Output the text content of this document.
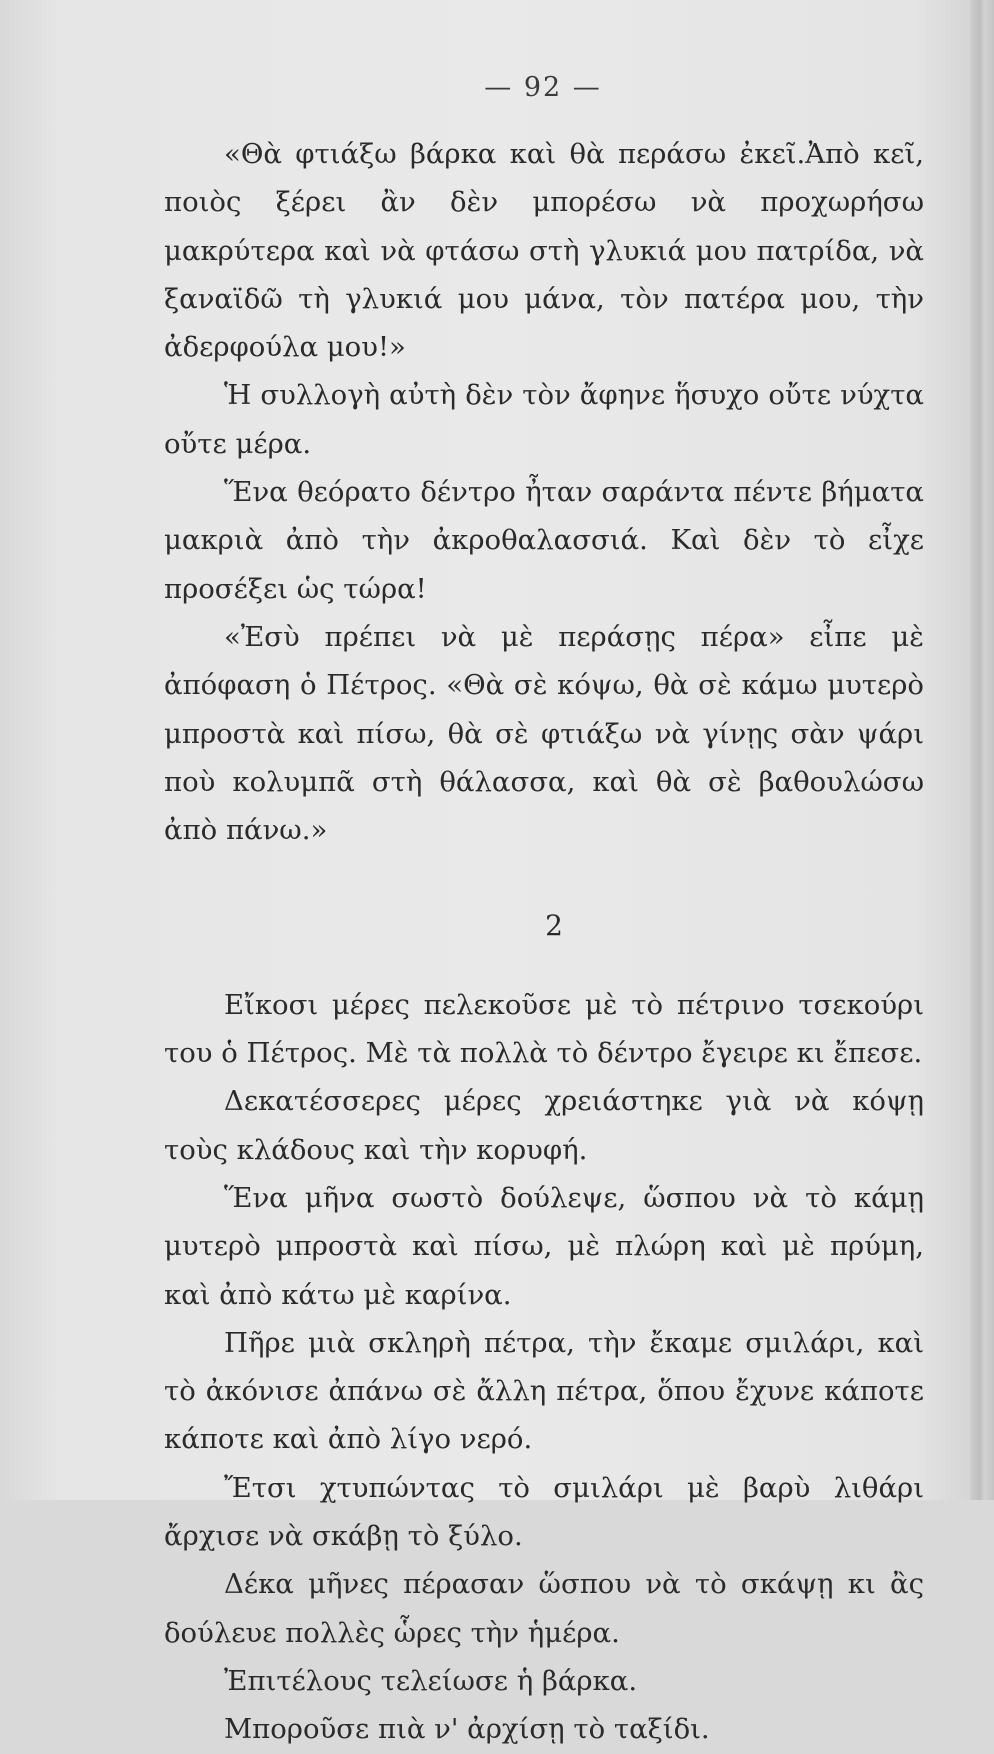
— 92 —

«Θὰ φτιάξω βάρκα καὶ θὰ περάσω ἐκεῖ.Ἀπὸ κεῖ, ποιὸς ξέρει ἂν δὲν μπορέσω νὰ προχωρήσω μακρύτερα καὶ νὰ φτάσω στὴ γλυκιά μου πατρίδα, νὰ ξαναϊδῶ τὴ γλυκιά μου μάνα, τὸν πατέρα μου, τὴν ἀδερφούλα μου!»

Ἡ συλλογὴ αὐτὴ δὲν τὸν ἄφηνε ἥσυχο οὔτε νύχτα οὔτε μέρα.

Ἕνα θεόρατο δέντρο ἦταν σαράντα πέντε βήματα μακριὰ ἀπὸ τὴν ἀκροθαλασσιά. Καὶ δὲν τὸ εἶχε προσέξει ὡς τώρα!

«Ἐσὺ πρέπει νὰ μὲ περάσῃς πέρα» εἶπε μὲ ἀπόφαση ὁ Πέτρος. «Θὰ σὲ κόψω, θὰ σὲ κάμω μυτερὸ μπροστὰ καὶ πίσω, θὰ σὲ φτιάξω νὰ γίνῃς σὰν ψάρι ποὺ κολυμπᾶ στὴ θάλασσα, καὶ θὰ σὲ βαθουλώσω ἀπὸ πάνω.»

2

Εἴκοσι μέρες πελεκοῦσε μὲ τὸ πέτρινο τσεκούρι του ὁ Πέτρος. Μὲ τὰ πολλὰ τὸ δέντρο ἔγειρε κι ἔπεσε.

Δεκατέσσερες μέρες χρειάστηκε γιὰ νὰ κόψῃ τοὺς κλάδους καὶ τὴν κορυφή.

Ἕνα μῆνα σωστὸ δούλεψε, ὥσπου νὰ τὸ κάμῃ μυτερὸ μπροστὰ καὶ πίσω, μὲ πλώρη καὶ μὲ πρύμη, καὶ ἀπὸ κάτω μὲ καρίνα.

Πῆρε μιὰ σκληρὴ πέτρα, τὴν ἔκαμε σμιλάρι, καὶ τὸ ἀκόνισε ἀπάνω σὲ ἄλλη πέτρα, ὅπου ἔχυνε κάποτε κάποτε καὶ ἀπὸ λίγο νερό.

Ἔτσι χτυπώντας τὸ σμιλάρι μὲ βαρὺ λιθάρι ἄρχισε νὰ σκάβῃ τὸ ξύλο.

Δέκα μῆνες πέρασαν ὥσπου νὰ τὸ σκάψῃ κι ἂς δούλευε πολλὲς ὧρες τὴν ἡμέρα.

Ἐπιτέλους τελείωσε ἡ βάρκα.

Μποροῦσε πιὰ ν' ἀρχίσῃ τὸ ταξίδι.
